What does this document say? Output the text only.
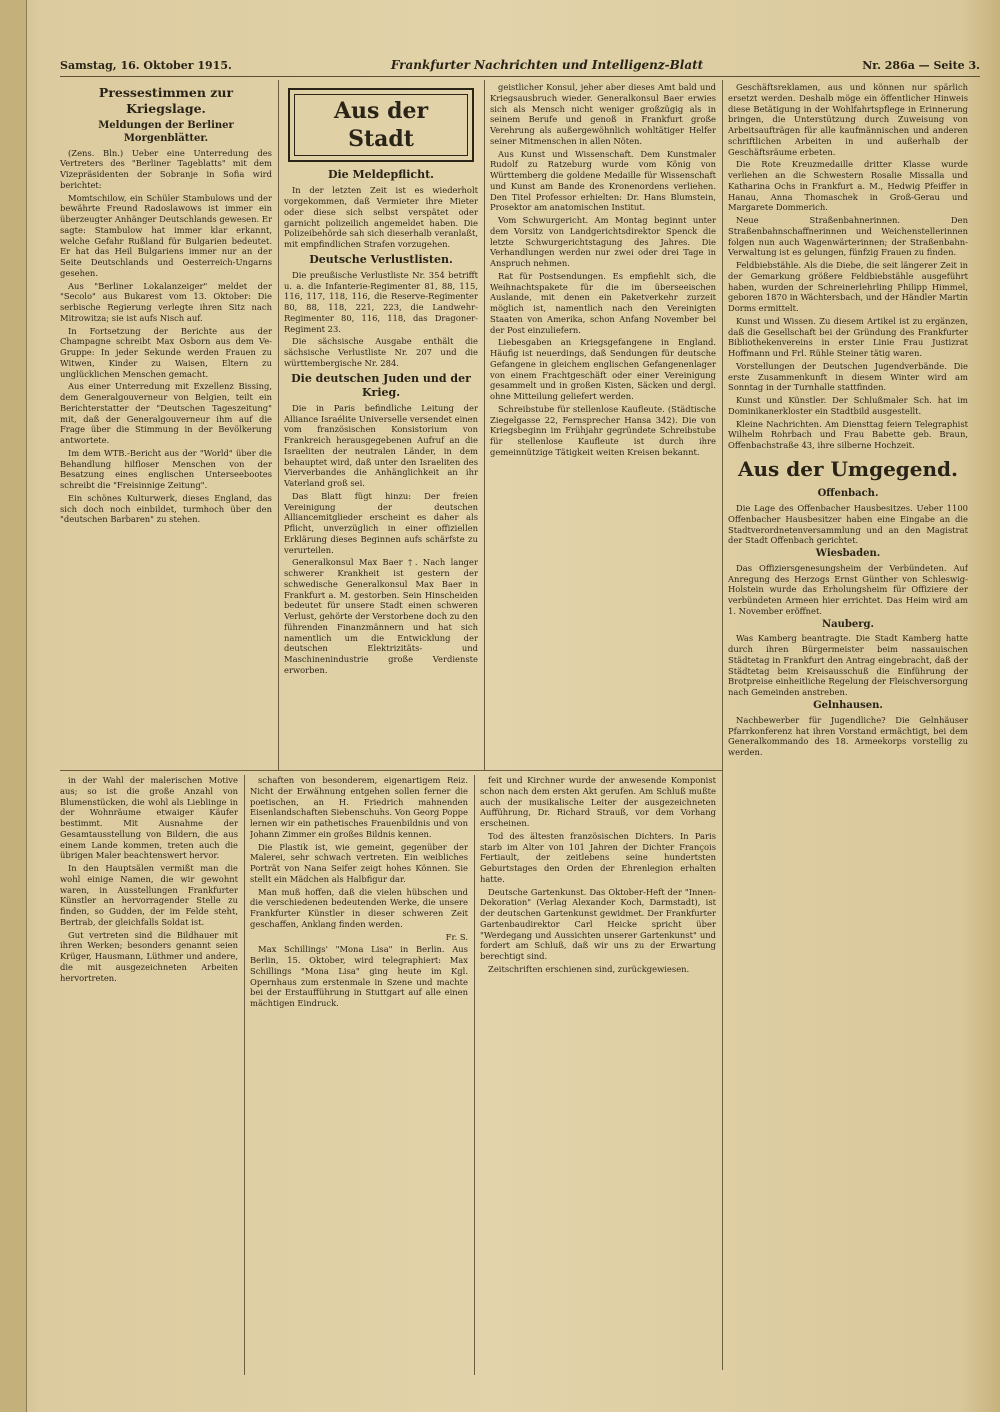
Samstag, 16. Oktober 1915.	Frankfurter Nachrichten und Intelligenz-Blatt	Nr. 286a — Seite 3.
Pressestimmen zur Kriegslage.
Meldungen der Berliner Morgenblätter.

(Zens. Bln.) Ueber eine Unterredung des Vertreters des "Berliner Tageblatts" mit dem Vizepräsidenten der Sobranje in Sofia wird berichtet:

Momtschilow, ein Schüler Stambulows und der bewährte Freund Radoslawows ist immer ein überzeugter Anhänger Deutschlands gewesen. Er sagte: Stambulow hat immer klar erkannt, welche Gefahr Rußland für Bulgarien bedeutet. Er hat das Heil Bulgariens immer nur an der Seite Deutschlands und Oesterreich-Ungarns gesehen.

Aus "Berliner Lokalanzeiger" meldet der "Secolo" aus Bukarest vom 13. Oktober: Die serbische Regierung verlegte ihren Sitz nach Mitrowitza; sie ist aufs Nisch auf.

In Fortsetzung der Berichte aus der Champagne schreibt Max Osborn aus dem Ve-Gruppe: In jeder Sekunde werden Frauen zu Witwen, Kinder zu Waisen, Eltern zu unglücklichen Menschen gemacht.

Aus einer Unterredung mit Exzellenz Bissing, dem Generalgouverneur von Belgien, teilt ein Berichterstatter der "Deutschen Tageszeitung" mit, daß der Generalgouverneur ihm auf die Frage über die Stimmung in der Bevölkerung antwortete.

Im dem WTB.-Bericht aus der "World" über die Behandlung hilfloser Menschen von der Besatzung eines englischen Unterseebootes schreibt die "Freisinnige Zeitung".

Ein schönes Kulturwerk, dieses England, das sich doch noch einbildet, turmhoch über den "deutschen Barbaren" zu stehen.

Aus der Stadt
Die Meldepflicht.

In der letzten Zeit ist es wiederholt vorgekommen, daß Vermieter ihre Mieter oder diese sich selbst verspätet oder garnicht polizeilich angemeldet haben. Die Polizeibehörde sah sich dieserhalb veranlaßt, mit empfindlichen Strafen vorzugehen.

Deutsche Verlustlisten.

Die preußische Verlustliste Nr. 354 betrifft u. a. die Infanterie-Regimenter 81, 88, 115, 116, 117, 118, 116, die Reserve-Regimenter 80, 88, 118, 221, 223, die Landwehr-Regimenter 80, 116, 118, das Dragoner-Regiment 23.

Die sächsische Ausgabe enthält die sächsische Verlustliste Nr. 207 und die württembergische Nr. 284.

Die deutschen Juden und der Krieg.

Die in Paris befindliche Leitung der Alliance Israélite Universelle versendet einen vom französischen Konsistorium von Frankreich herausgegebenen Aufruf an die Israeliten der neutralen Länder, in dem behauptet wird, daß unter den Israeliten des Vierverbandes die Anhänglichkeit an ihr Vaterland groß sei.

Das Blatt fügt hinzu: Der freien Vereinigung der deutschen Alliancemitglieder erscheint es daher als Pflicht, unverzüglich in einer offiziellen Erklärung dieses Beginnen aufs schärfste zu verurteilen.

Generalkonsul Max Baer †. Nach langer schwerer Krankheit ist gestern der schwedische Generalkonsul Max Baer in Frankfurt a. M. gestorben. Sein Hinscheiden bedeutet für unsere Stadt einen schweren Verlust, gehörte der Verstorbene doch zu den führenden Finanzmännern und hat sich namentlich um die Entwicklung der deutschen Elektrizitäts- und Maschinenindustrie große Verdienste erworben.

geistlicher Konsul, jeher aber dieses Amt bald und Kriegsausbruch wieder. Generalkonsul Baer erwies sich als Mensch nicht weniger großzügig als in seinem Berufe und genoß in Frankfurt große Verehrung als außergewöhnlich wohltätiger Helfer seiner Mitmenschen in allen Nöten.

Aus Kunst und Wissenschaft. Dem Kunstmaler Rudolf zu Ratzeburg wurde vom König von Württemberg die goldene Medaille für Wissenschaft und Kunst am Bande des Kronenordens verliehen. Den Titel Professor erhielten: Dr. Hans Blumstein, Prosektor am anatomischen Institut.

Vom Schwurgericht. Am Montag beginnt unter dem Vorsitz von Landgerichtsdirektor Spenck die letzte Schwurgerichtstagung des Jahres. Die Verhandlungen werden nur zwei oder drei Tage in Anspruch nehmen.

Rat für Postsendungen. Es empfiehlt sich, die Weihnachtspakete für die im überseeischen Auslande, mit denen ein Paketverkehr zurzeit möglich ist, namentlich nach den Vereinigten Staaten von Amerika, schon Anfang November bei der Post einzuliefern.

Liebesgaben an Kriegsgefangene in England. Häufig ist neuerdings, daß Sendungen für deutsche Gefangene in gleichem englischen Gefangenenlager von einem Frachtgeschäft oder einer Vereinigung gesammelt und in großen Kisten, Säcken und dergl. ohne Mitteilung geliefert werden.

Schreibstube für stellenlose Kaufleute. (Städtische Ziegelgasse 22, Fernsprecher Hansa 342). Die von Kriegsbeginn im Frühjahr gegründete Schreibstube für stellenlose Kaufleute ist durch ihre gemeinnützige Tätigkeit weiten Kreisen bekannt.

Geschäftsreklamen, aus und können nur spärlich ersetzt werden. Deshalb möge ein öffentlicher Hinweis diese Betätigung in der Wohlfahrtspflege in Erinnerung bringen, die Unterstützung durch Zuweisung von Arbeitsaufträgen für alle kaufmännischen und anderen schriftlichen Arbeiten in und außerhalb der Geschäftsräume erbeten.

Die Rote Kreuzmedaille dritter Klasse wurde verliehen an die Schwestern Rosalie Missalla und Katharina Ochs in Frankfurt a. M., Hedwig Pfeiffer in Hanau, Anna Thomaschek in Groß-Gerau und Margarete Dommerich.

Neue Straßenbahnerinnen. Den Straßenbahnschaffnerinnen und Weichenstellerinnen folgen nun auch Wagenwärterinnen; der Straßenbahn-Verwaltung ist es gelungen, fünfzig Frauen zu finden.

Feldbiebstähle. Als die Diebe, die seit längerer Zeit in der Gemarkung größere Feldbiebstähle ausgeführt haben, wurden der Schreinerlehrling Philipp Himmel, geboren 1870 in Wächtersbach, und der Händler Martin Dorms ermittelt.

Kunst und Wissen. Zu diesem Artikel ist zu ergänzen, daß die Gesellschaft bei der Gründung des Frankfurter Bibliothekenvereins in erster Linie Frau Justizrat Hoffmann und Frl. Rühle Steiner tätig waren.

Vorstellungen der Deutschen Jugendverbände. Die erste Zusammenkunft in diesem Winter wird am Sonntag in der Turnhalle stattfinden.

Kunst und Künstler. Der Schlußmaler Sch. hat im Dominikanerkloster ein Stadtbild ausgestellt.

Kleine Nachrichten. Am Diensttag feiern Telegraphist Wilhelm Rohrbach und Frau Babette geb. Braun, Offenbachstraße 43, ihre silberne Hochzeit.

Aus der Umgegend.
Offenbach.

Die Lage des Offenbacher Hausbesitzes. Ueber 1100 Offenbacher Hausbesitzer haben eine Eingabe an die Stadtverordnetenversammlung und an den Magistrat der Stadt Offenbach gerichtet.

Wiesbaden.

Das Offiziersgenesungsheim der Verbündeten. Auf Anregung des Herzogs Ernst Günther von Schleswig-Holstein wurde das Erholungsheim für Offiziere der verbündeten Armeen hier errichtet. Das Heim wird am 1. November eröffnet.

Nauberg.

Was Kamberg beantragte. Die Stadt Kamberg hatte durch ihren Bürgermeister beim nassauischen Städtetag in Frankfurt den Antrag eingebracht, daß der Städtetag beim Kreisausschuß die Einführung der Brotpreise einheitliche Regelung der Fleischversorgung nach Gemeinden anstreben.

Gelnhausen.

Nachbewerber für Jugendliche? Die Gelnhäuser Pfarrkonferenz hat ihren Vorstand ermächtigt, bei dem Generalkommando des 18. Armeekorps vorstellig zu werden.

in der Wahl der malerischen Motive aus; so ist die große Anzahl von Blumenstücken, die wohl als Lieblinge in der Wohnräume etwaiger Käufer bestimmt. Mit Ausnahme der Gesamtausstellung von Bildern, die aus einem Lande kommen, treten auch die übrigen Maler beachtenswert hervor.

In den Hauptsälen vermißt man die wohl einige Namen, die wir gewohnt waren, in Ausstellungen Frankfurter Künstler an hervorragender Stelle zu finden, so Gudden, der im Felde steht, Bertrab, der gleichfalls Soldat ist.

Gut vertreten sind die Bildhauer mit ihren Werken; besonders genannt seien Krüger, Hausmann, Lüthmer und andere, die mit ausgezeichneten Arbeiten hervortreten.

schaften von besonderem, eigenartigem Reiz. Nicht der Erwähnung entgehen sollen ferner die poetischen, an H. Friedrich mahnenden Eisenlandschaften Siebenschuhs. Von Georg Poppe lernen wir ein pathetisches Frauenbildnis und von Johann Zimmer ein großes Bildnis kennen.

Die Plastik ist, wie gemeint, gegenüber der Malerei, sehr schwach vertreten. Ein weibliches Porträt von Nana Seifer zeigt hohes Können. Sie stellt ein Mädchen als Halbfigur dar.

Man muß hoffen, daß die vielen hübschen und die verschiedenen bedeutenden Werke, die unsere Frankfurter Künstler in dieser schweren Zeit geschaffen, Anklang finden werden.

Fr. S.

Max Schillings' "Mona Lisa" in Berlin. Aus Berlin, 15. Oktober, wird telegraphiert: Max Schillings "Mona Lisa" ging heute im Kgl. Opernhaus zum erstenmale in Szene und machte bei der Erstaufführung in Stuttgart auf alle einen mächtigen Eindruck.

feit und Kirchner wurde der anwesende Komponist schon nach dem ersten Akt gerufen. Am Schluß mußte auch der musikalische Leiter der ausgezeichneten Aufführung, Dr. Richard Strauß, vor dem Vorhang erscheinen.

Tod des ältesten französischen Dichters. In Paris starb im Alter von 101 Jahren der Dichter François Fertiault, der zeitlebens seine hundertsten Geburtstages den Orden der Ehrenlegion erhalten hatte.

Deutsche Gartenkunst. Das Oktober-Heft der "Innen-Dekoration" (Verlag Alexander Koch, Darmstadt), ist der deutschen Gartenkunst gewidmet. Der Frankfurter Gartenbaudirektor Carl Heicke spricht über "Werdegang und Aussichten unserer Gartenkunst" und fordert am Schluß, daß wir uns zu der Erwartung berechtigt sind.

Zeitschriften erschienen sind, zurückgewiesen.
